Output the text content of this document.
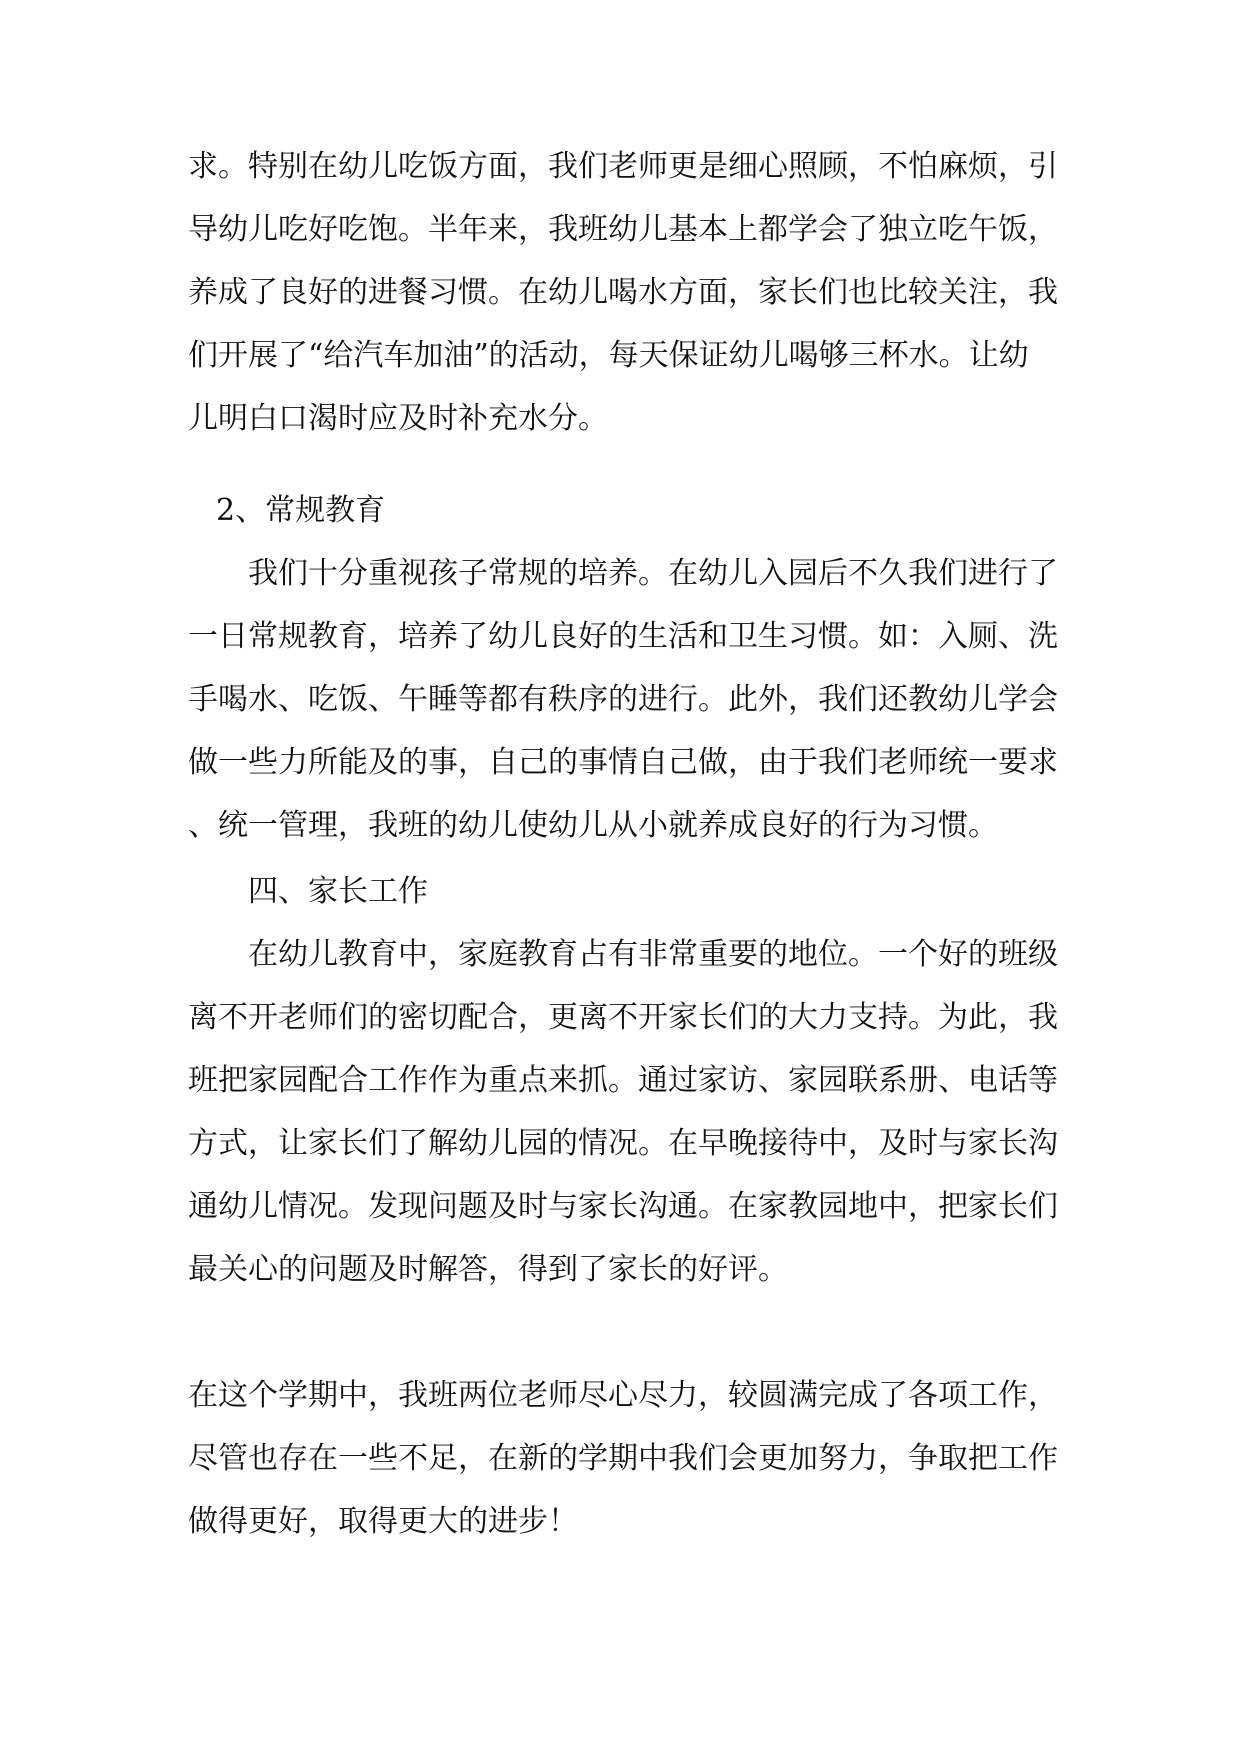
求。特别在幼儿吃饭方面，我们老师更是细心照顾，不怕麻烦，引
导幼儿吃好吃饱。半年来，我班幼儿基本上都学会了独立吃午饭，
养成了良好的进餐习惯。在幼儿喝水方面，家长们也比较关注，我
们开展了“给汽车加油”的活动，每天保证幼儿喝够三杯水。让幼
儿明白口渴时应及时补充水分。
2、常规教育
我们十分重视孩子常规的培养。在幼儿入园后不久我们进行了
一日常规教育，培养了幼儿良好的生活和卫生习惯。如：入厕、洗
手喝水、吃饭、午睡等都有秩序的进行。此外，我们还教幼儿学会
做一些力所能及的事，自己的事情自己做，由于我们老师统一要求
、统一管理，我班的幼儿使幼儿从小就养成良好的行为习惯。
四、家长工作
在幼儿教育中，家庭教育占有非常重要的地位。一个好的班级
离不开老师们的密切配合，更离不开家长们的大力支持。为此，我
班把家园配合工作作为重点来抓。通过家访、家园联系册、电话等
方式，让家长们了解幼儿园的情况。在早晚接待中，及时与家长沟
通幼儿情况。发现问题及时与家长沟通。在家教园地中，把家长们
最关心的问题及时解答，得到了家长的好评。
在这个学期中，我班两位老师尽心尽力，较圆满完成了各项工作，
尽管也存在一些不足，在新的学期中我们会更加努力，争取把工作
做得更好，取得更大的进步！
